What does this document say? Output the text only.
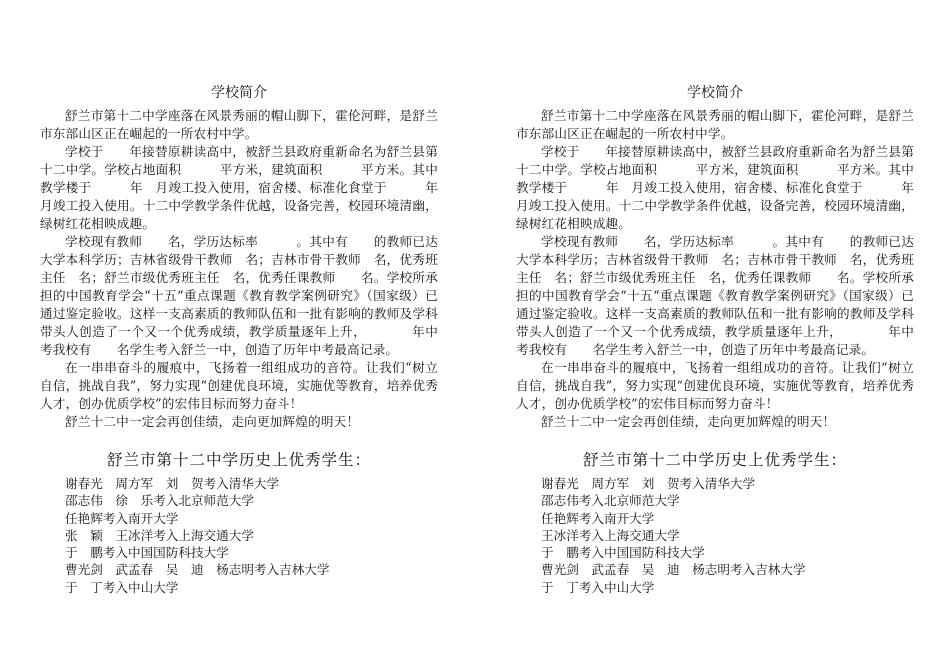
学校简介

舒兰市第十二中学座落在风景秀丽的帽山脚下，霍伦河畔，是舒兰市东部山区正在崛起的一所农村中学。

学校于　　年接替原耕读高中，被舒兰县政府重新命名为舒兰县第十二中学。学校占地面积　　　平方米，建筑面积　　　平方米。其中教学楼于　　　年　月竣工投入使用，宿舍楼、标准化食堂于　　　年　月竣工投入使用。十二中学教学条件优越，设备完善，校园环境清幽，绿树红花相映成趣。

学校现有教师　　名，学历达标率　　　。其中有　　的教师已达大学本科学历；吉林省级骨干教师　名；吉林市骨干教师　名，优秀班主任　名；舒兰市级优秀班主任　名，优秀任课教师　　名。学校所承担的中国教育学会“十五“重点课题《教育教学案例研究》（国家级）已通过鉴定验收。这样一支高素质的教师队伍和一批有影响的教师及学科带头人创造了一个又一个优秀成绩，教学质量逐年上升，　　　　年中考我校有　　名学生考入舒兰一中，创造了历年中考最高记录。

在一串串奋斗的履痕中，飞扬着一组组成功的音符。让我们“树立自信，挑战自我”，努力实现“创建优良环境，实施优等教育，培养优秀人才，创办优质学校”的宏伟目标而努力奋斗！

舒兰十二中一定会再创佳绩，走向更加辉煌的明天！

舒兰市第十二中学历史上优秀学生：
谢春光　周方军　刘　贺考入清华大学
邵志伟　徐　乐考入北京师范大学
任艳辉考入南开大学
张　颖　王冰洋考入上海交通大学
于　鹏考入中国国防科技大学
曹光剑　武孟春　吴　迪　杨志明考入吉林大学
于　丁考入中山大学
学校简介

舒兰市第十二中学座落在风景秀丽的帽山脚下，霍伦河畔，是舒兰市东部山区正在崛起的一所农村中学。

学校于　　年接替原耕读高中，被舒兰县政府重新命名为舒兰县第十二中学。学校占地面积　　　平方米，建筑面积　　　平方米。其中教学楼于　　　年　月竣工投入使用，宿舍楼、标准化食堂于　　　年　月竣工投入使用。十二中学教学条件优越，设备完善，校园环境清幽，绿树红花相映成趣。

学校现有教师　　名，学历达标率　　　。其中有　　的教师已达大学本科学历；吉林省级骨干教师　名；吉林市骨干教师　名，优秀班主任　名；舒兰市级优秀班主任　名，优秀任课教师　　名。学校所承担的中国教育学会“十五“重点课题《教育教学案例研究》（国家级）已通过鉴定验收。这样一支高素质的教师队伍和一批有影响的教师及学科带头人创造了一个又一个优秀成绩，教学质量逐年上升，　　　　年中考我校有　　名学生考入舒兰一中，创造了历年中考最高记录。

在一串串奋斗的履痕中，飞扬着一组组成功的音符。让我们“树立自信，挑战自我”，努力实现“创建优良环境，实施优等教育，培养优秀人才，创办优质学校”的宏伟目标而努力奋斗！

舒兰十二中一定会再创佳绩，走向更加辉煌的明天！

舒兰市第十二中学历史上优秀学生：
谢春光　周方军　刘　贺考入清华大学
邵志伟考入北京师范大学
任艳辉考入南开大学
王冰洋考入上海交通大学
于　鹏考入中国国防科技大学
曹光剑　武孟春　吴　迪　杨志明考入吉林大学
于　丁考入中山大学
